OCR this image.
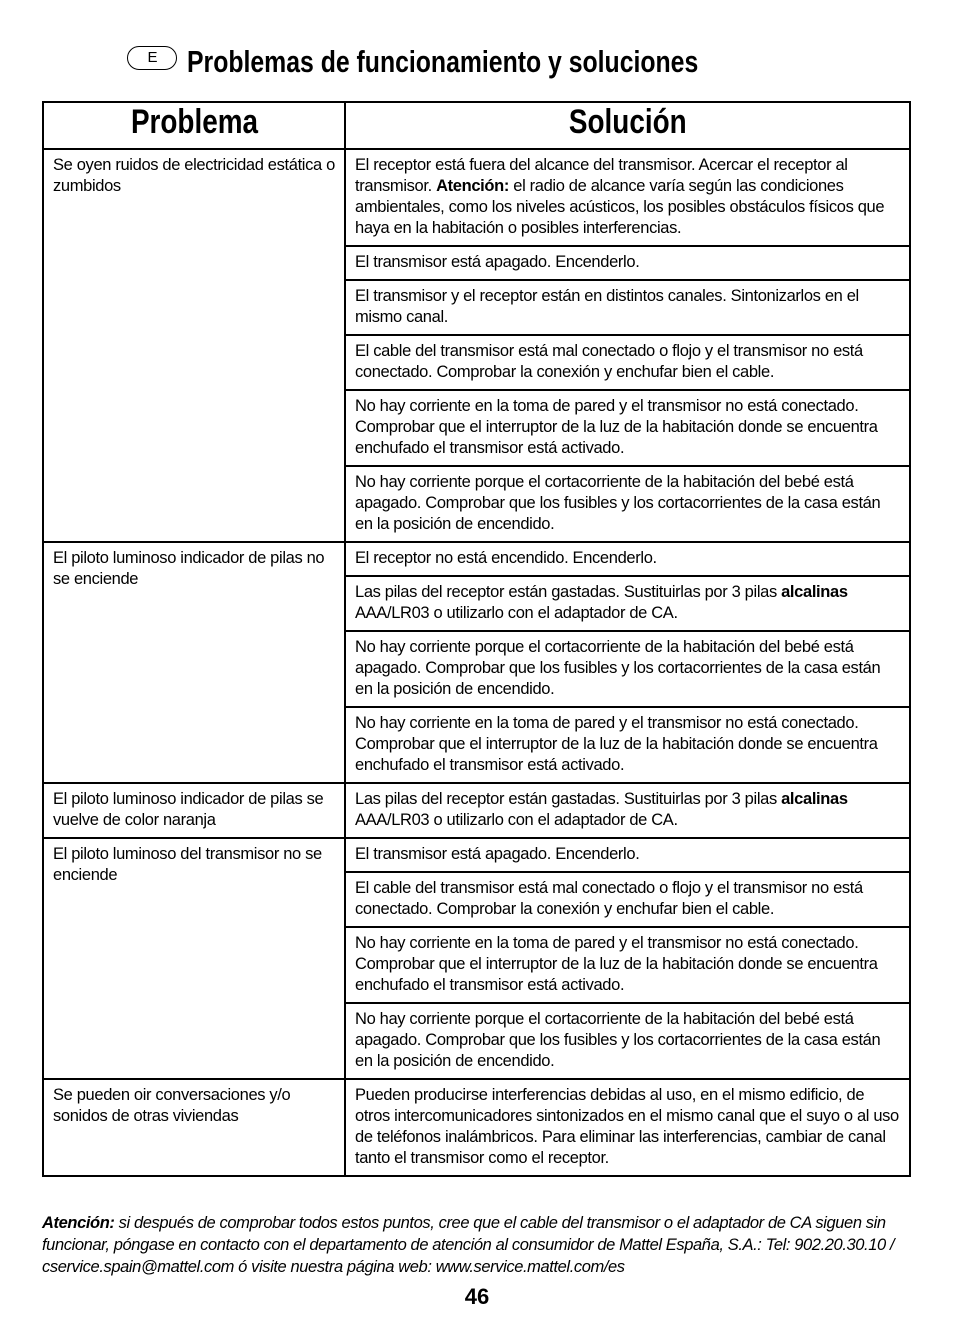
E Problemas de funcionamiento y soluciones
Problema	Solución
Se oyen ruidos de electricidad estática o zumbidos	El receptor está fuera del alcance del transmisor. Acercar el receptor al transmisor. Atención: el radio de alcance varía según las condiciones ambientales, como los niveles acústicos, los posibles obstáculos físicos que haya en la habitación o posibles interferencias.
	El transmisor está apagado. Encenderlo.
	El transmisor y el receptor están en distintos canales. Sintonizarlos en el mismo canal.
	El cable del transmisor está mal conectado o flojo y el transmisor no está conectado. Comprobar la conexión y enchufar bien el cable.
	No hay corriente en la toma de pared y el transmisor no está conectado. Comprobar que el interruptor de la luz de la habitación donde se encuentra enchufado el transmisor está activado.
	No hay corriente porque el cortacorriente de la habitación del bebé está apagado. Comprobar que los fusibles y los cortacorrientes de la casa están en la posición de encendido.
El piloto luminoso indicador de pilas no se enciende	El receptor no está encendido. Encenderlo.
	Las pilas del receptor están gastadas. Sustituirlas por 3 pilas alcalinas AAA/LR03 o utilizarlo con el adaptador de CA.
	No hay corriente porque el cortacorriente de la habitación del bebé está apagado. Comprobar que los fusibles y los cortacorrientes de la casa están en la posición de encendido.
	No hay corriente en la toma de pared y el transmisor no está conectado. Comprobar que el interruptor de la luz de la habitación donde se encuentra enchufado el transmisor está activado.
El piloto luminoso indicador de pilas se vuelve de color naranja	Las pilas del receptor están gastadas. Sustituirlas por 3 pilas alcalinas AAA/LR03 o utilizarlo con el adaptador de CA.
El piloto luminoso del transmisor no se enciende	El transmisor está apagado. Encenderlo.
	El cable del transmisor está mal conectado o flojo y el transmisor no está conectado. Comprobar la conexión y enchufar bien el cable.
	No hay corriente en la toma de pared y el transmisor no está conectado. Comprobar que el interruptor de la luz de la habitación donde se encuentra enchufado el transmisor está activado.
	No hay corriente porque el cortacorriente de la habitación del bebé está apagado. Comprobar que los fusibles y los cortacorrientes de la casa están en la posición de encendido.
Se pueden oir conversaciones y/o sonidos de otras viviendas	Pueden producirse interferencias debidas al uso, en el mismo edificio, de otros intercomunicadores sintonizados en el mismo canal que el suyo o al uso de teléfonos inalámbricos. Para eliminar las interferencias, cambiar de canal tanto el transmisor como el receptor.
Atención: si después de comprobar todos estos puntos, cree que el cable del transmisor o el adaptador de CA siguen sin funcionar, póngase en contacto con el departamento de atención al consumidor de Mattel España, S.A.: Tel: 902.20.30.10 / cservice.spain@mattel.com ó visite nuestra página web: www.service.mattel.com/es
46
